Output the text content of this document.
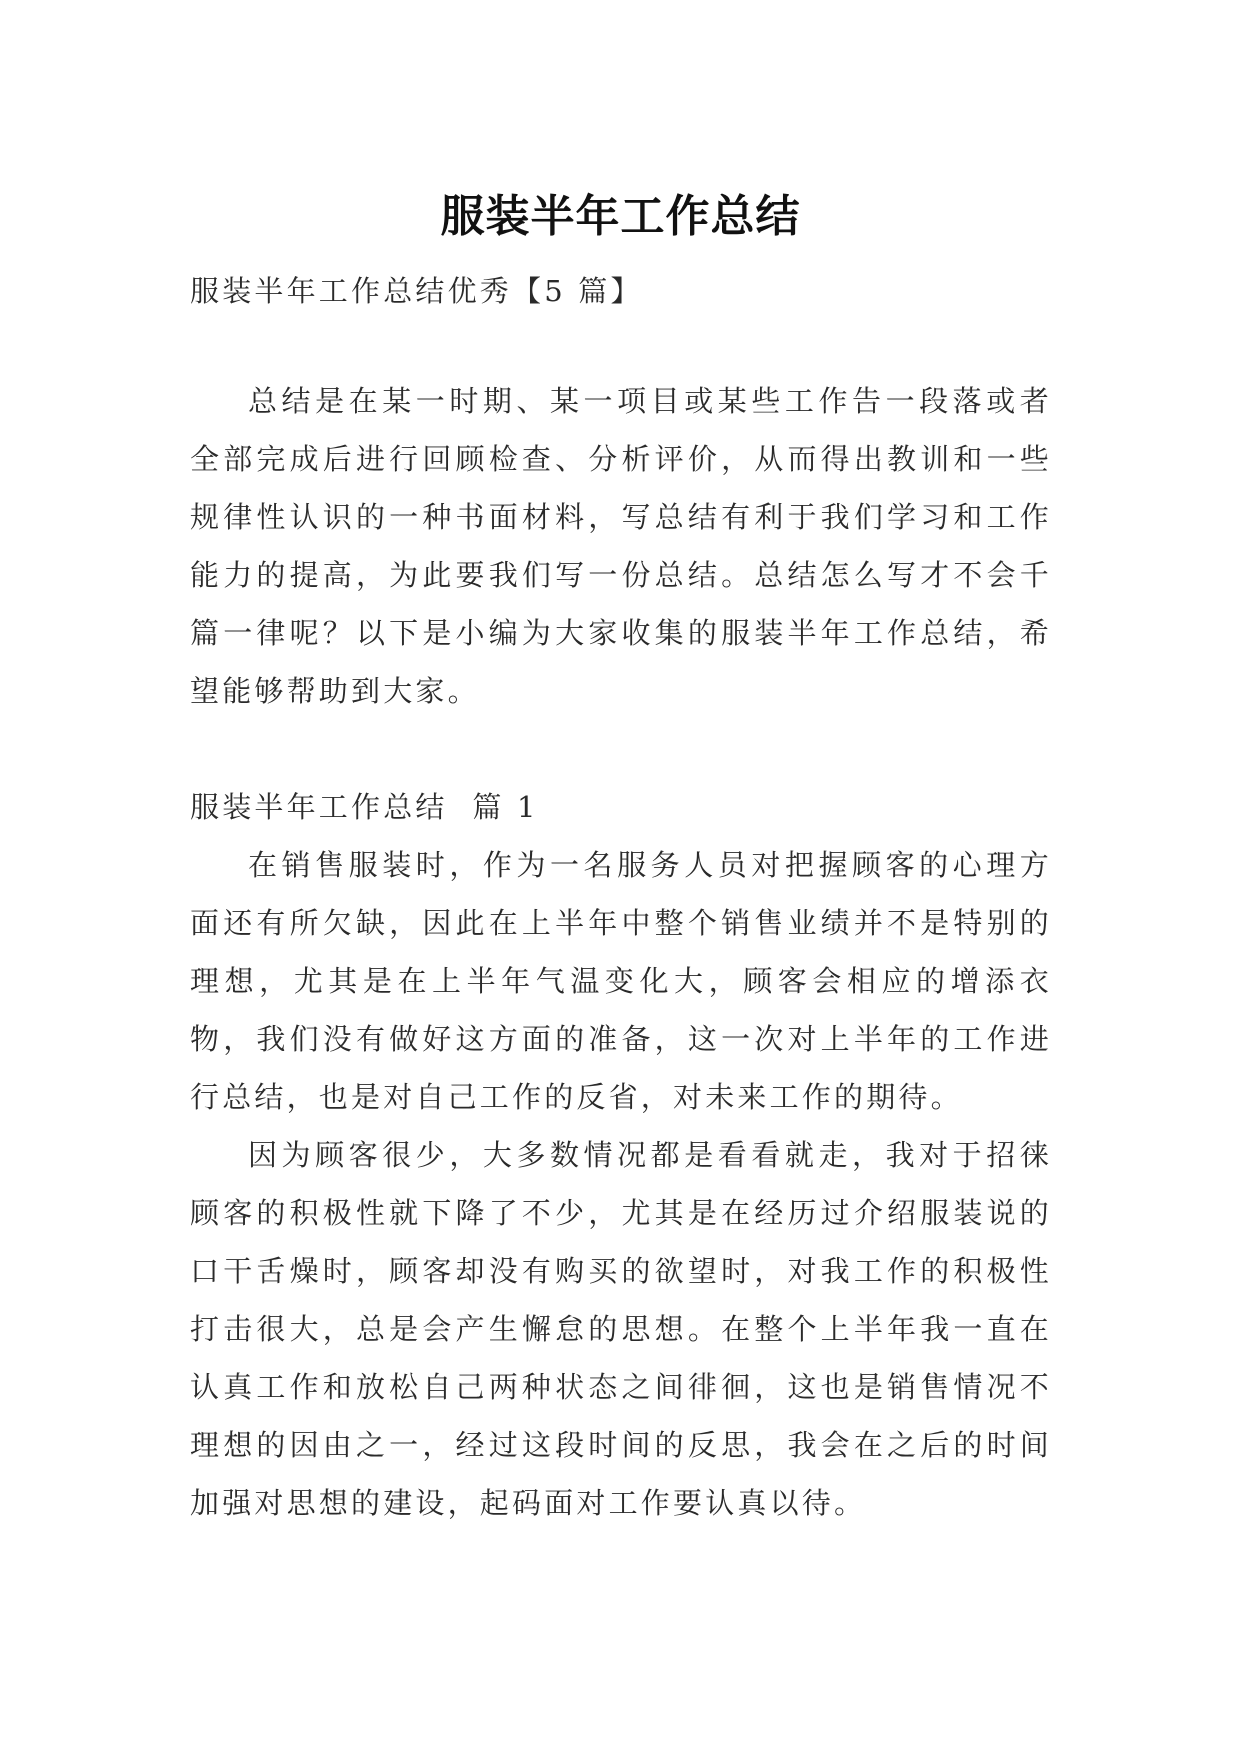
服装半年工作总结

服装半年工作总结优秀【5 篇】

总结是在某一时期、某一项目或某些工作告一段落或者全部完成后进行回顾检查、分析评价，从而得出教训和一些规律性认识的一种书面材料，写总结有利于我们学习和工作能力的提高，为此要我们写一份总结。总结怎么写才不会千篇一律呢？以下是小编为大家收集的服装半年工作总结，希望能够帮助到大家。

服装半年工作总结  篇 1

在销售服装时，作为一名服务人员对把握顾客的心理方面还有所欠缺，因此在上半年中整个销售业绩并不是特别的理想，尤其是在上半年气温变化大，顾客会相应的增添衣物，我们没有做好这方面的准备，这一次对上半年的工作进行总结，也是对自己工作的反省，对未来工作的期待。

因为顾客很少，大多数情况都是看看就走，我对于招徕顾客的积极性就下降了不少，尤其是在经历过介绍服装说的口干舌燥时，顾客却没有购买的欲望时，对我工作的积极性打击很大，总是会产生懈怠的思想。在整个上半年我一直在认真工作和放松自己两种状态之间徘徊，这也是销售情况不理想的因由之一，经过这段时间的反思，我会在之后的时间加强对思想的建设，起码面对工作要认真以待。
